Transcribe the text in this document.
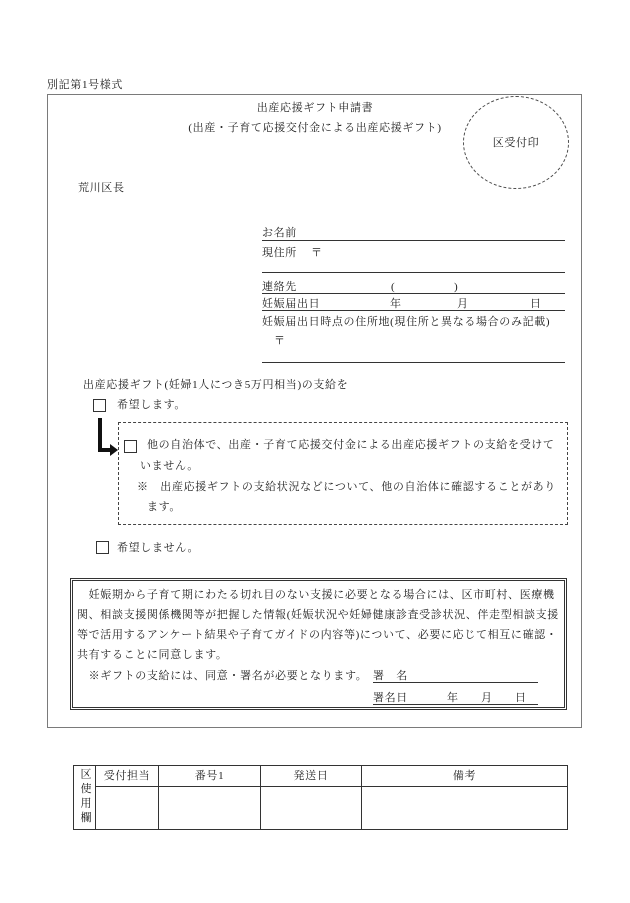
別記第1号様式
出産応援ギフト申請書
(出産・子育て応援交付金による出産応援ギフト)
区受付印
荒川区長
お名前
現住所 〒
連絡先	(	)
妊娠届出日	年	月	日
妊娠届出日時点の住所地(現住所と異なる場合のみ記載)
〒
出産応援ギフト(妊婦1人につき5万円相当)の支給を
希望します。
他の自治体で、出産・子育て応援交付金による出産応援ギフトの支給を受けて
いません。
※　出産応援ギフトの支給状況などについて、他の自治体に確認することがあり
ます。
希望しません。
　妊娠期から子育て期にわたる切れ目のない支援に必要となる場合には、区市町村、医療機
関、相談支援関係機関等が把握した情報(妊娠状況や妊婦健康診査受診状況、伴走型相談支援
等で活用するアンケート結果や子育てガイドの内容等)について、必要に応じて相互に確認・
共有することに同意します。
　※ギフトの支給には、同意・署名が必要となります。 署　名
署名日	年 月 日
区使用欄	受付担当	番号1	発送日	備考
